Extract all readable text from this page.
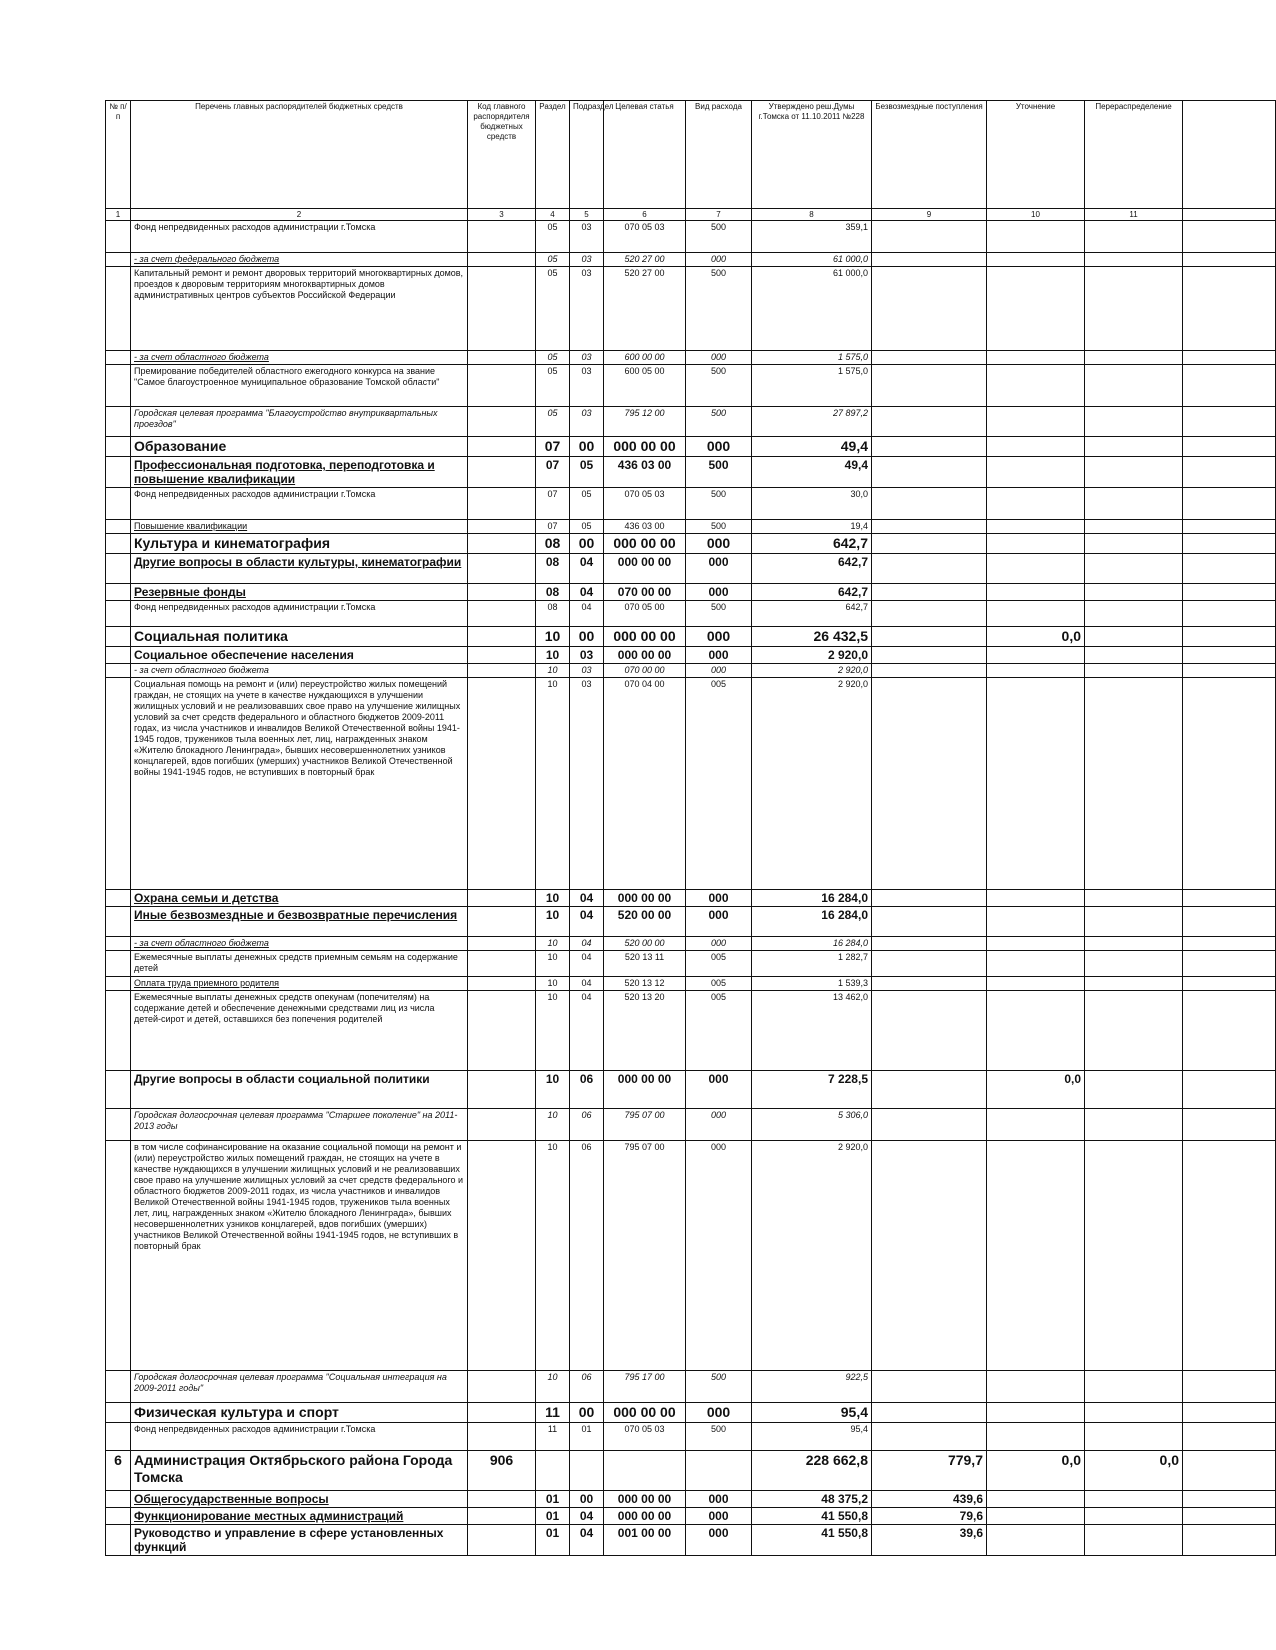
№ п/п	Перечень главных распорядителей бюджетных средств	Код главного распорядителя бюджетных средств	Раздел	Подраздел	Целевая статья	Вид расхода	Утверждено реш.Думы г.Томска от 11.10.2011 №228	Безвозмездные поступления	Уточнение	Перераспределение	
1	2	3	4	5	6	7	8	9	10	11	
	Фонд непредвиденных расходов администрации г.Томска		05	03	070 05 03	500	359,1				
	- за счет федерального бюджета		05	03	520 27 00	000	61 000,0				
	Капитальный ремонт и ремонт дворовых территорий многоквартирных домов, проездов к дворовым территориям многоквартирных домов административных центров субъектов Российской Федерации		05	03	520 27 00	500	61 000,0				
	- за счет областного бюджета		05	03	600 00 00	000	1 575,0				
	Премирование победителей областного ежегодного конкурса на звание "Самое благоустроенное муниципальное образование Томской области"		05	03	600 05 00	500	1 575,0				
	Городская целевая программа "Благоустройство внутриквартальных проездов"		05	03	795 12 00	500	27 897,2				
	Образование		07	00	000 00 00	000	49,4				
	Профессиональная подготовка, переподготовка и повышение квалификации		07	05	436 03 00	500	49,4				
	Фонд непредвиденных расходов администрации г.Томска		07	05	070 05 03	500	30,0				
	Повышение квалификации		07	05	436 03 00	500	19,4				
	Культура и кинематография		08	00	000 00 00	000	642,7				
	Другие вопросы в области культуры, кинематографии		08	04	000 00 00	000	642,7				
	Резервные фонды		08	04	070 00 00	000	642,7				
	Фонд непредвиденных расходов администрации г.Томска		08	04	070 05 00	500	642,7				
	Социальная политика		10	00	000 00 00	000	26 432,5		0,0		
	Социальное обеспечение населения		10	03	000 00 00	000	2 920,0				
	- за счет областного бюджета		10	03	070 00 00	000	2 920,0				
	Социальная помощь на ремонт и (или) переустройство жилых помещений граждан, не стоящих на учете в качестве нуждающихся в улучшении жилищных условий и не реализовавших свое право на улучшение жилищных условий за счет средств федерального и областного бюджетов 2009-2011 годах, из числа участников и инвалидов Великой Отечественной войны 1941-1945 годов, тружеников тыла военных лет, лиц, награжденных знаком «Жителю блокадного Ленинграда», бывших несовершеннолетних узников концлагерей, вдов погибших (умерших) участников Великой Отечественной войны 1941-1945 годов, не вступивших в повторный брак		10	03	070 04 00	005	2 920,0				
	Охрана семьи и детства		10	04	000 00 00	000	16 284,0				
	Иные безвозмездные и безвозвратные перечисления		10	04	520 00 00	000	16 284,0				
	- за счет областного бюджета		10	04	520 00 00	000	16 284,0				
	Ежемесячные выплаты денежных средств приемным семьям на содержание детей		10	04	520 13 11	005	1 282,7				
	Оплата труда приемного родителя		10	04	520 13 12	005	1 539,3				
	Ежемесячные выплаты денежных средств опекунам (попечителям) на содержание детей и обеспечение денежными средствами лиц из числа детей-сирот и детей, оставшихся без попечения родителей		10	04	520 13 20	005	13 462,0				
	Другие вопросы в области социальной политики		10	06	000 00 00	000	7 228,5		0,0		
	Городская долгосрочная целевая программа "Старшее поколение" на 2011-2013 годы		10	06	795 07 00	000	5 306,0				
	в том числе софинансирование на оказание социальной помощи на ремонт и (или) переустройство жилых помещений граждан, не стоящих на учете в качестве нуждающихся в улучшении жилищных условий и не реализовавших свое право на улучшение жилищных условий за счет средств федерального и областного бюджетов 2009-2011 годах, из числа участников и инвалидов Великой Отечественной войны 1941-1945 годов, тружеников тыла военных лет, лиц, награжденных знаком «Жителю блокадного Ленинграда», бывших несовершеннолетних узников концлагерей, вдов погибших (умерших) участников Великой Отечественной войны 1941-1945 годов, не вступивших в повторный брак		10	06	795 07 00	000	2 920,0				
	Городская долгосрочная целевая программа "Социальная интеграция на 2009-2011 годы"		10	06	795 17 00	500	922,5				
	Физическая культура и спорт		11	00	000 00 00	000	95,4				
	Фонд непредвиденных расходов администрации г.Томска		11	01	070 05 03	500	95,4				
6	Администрация Октябрьского района Города Томска	906					228 662,8	779,7	0,0	0,0	
	Общегосударственные вопросы		01	00	000 00 00	000	48 375,2	439,6			
	Функционирование местных администраций		01	04	000 00 00	000	41 550,8	79,6			
	Руководство и управление в сфере установленных функций		01	04	001 00 00	000	41 550,8	39,6			
